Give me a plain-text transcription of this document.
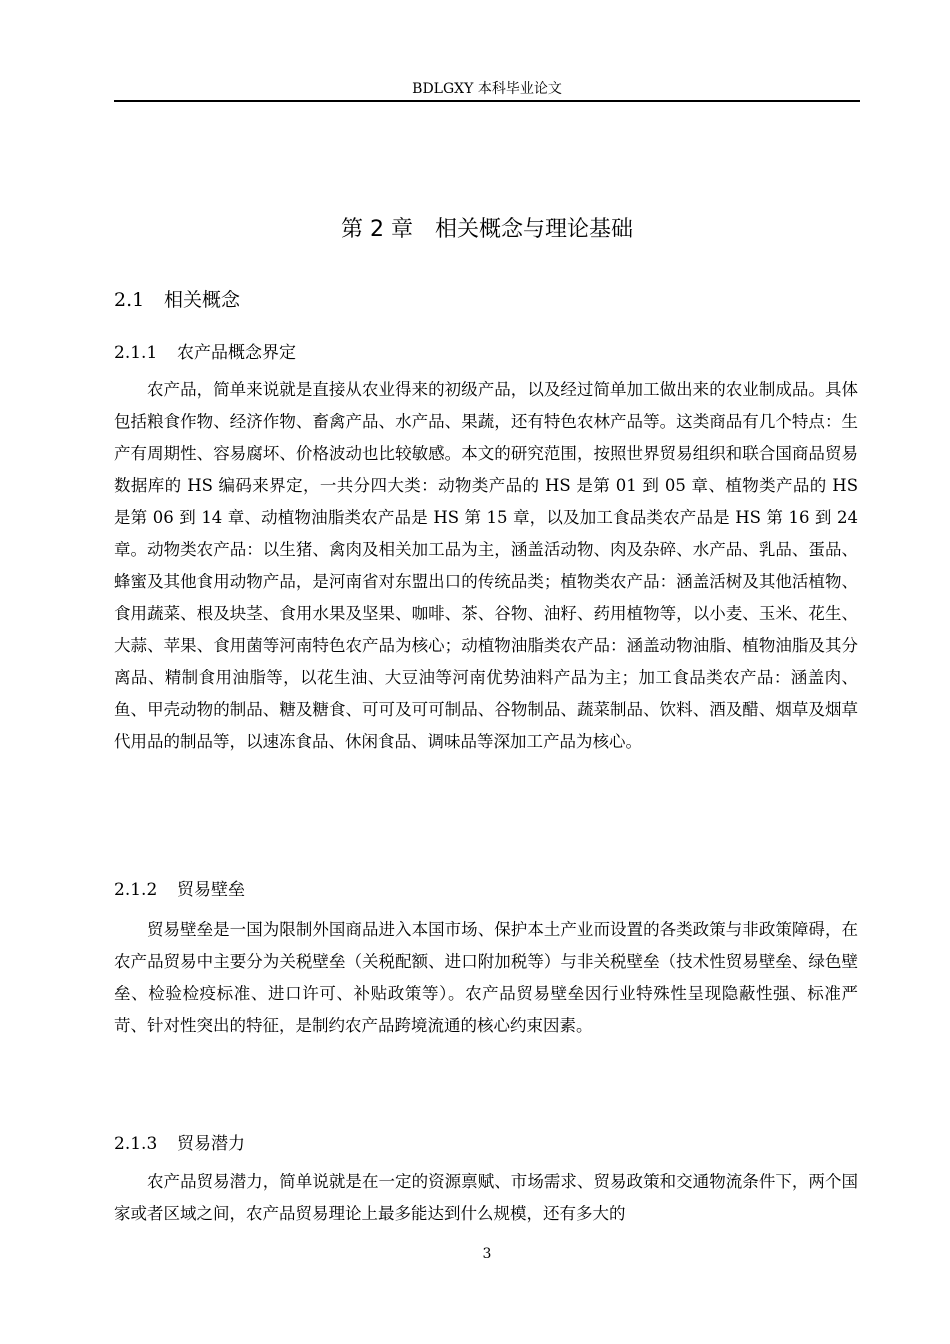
BDLGXY 本科毕业论文
第 2 章　相关概念与理论基础
2.1 相关概念
2.1.1 农产品概念界定

农产品，简单来说就是直接从农业得来的初级产品，以及经过简单加工做出来的农业制成品。具体包括粮食作物、经济作物、畜禽产品、水产品、果蔬，还有特色农林产品等。这类商品有几个特点：生产有周期性、容易腐坏、价格波动也比较敏感。本文的研究范围，按照世界贸易组织和联合国商品贸易数据库的 HS 编码来界定，一共分四大类：动物类产品的 HS 是第 01 到 05 章、植物类产品的 HS 是第 06 到 14 章、动植物油脂类农产品是 HS 第 15 章，以及加工食品类农产品是 HS 第 16 到 24 章。动物类农产品：以生猪、禽肉及相关加工品为主，涵盖活动物、肉及杂碎、水产品、乳品、蛋品、蜂蜜及其他食用动物产品，是河南省对东盟出口的传统品类；植物类农产品：涵盖活树及其他活植物、食用蔬菜、根及块茎、食用水果及坚果、咖啡、茶、谷物、油籽、药用植物等，以小麦、玉米、花生、大蒜、苹果、食用菌等河南特色农产品为核心；动植物油脂类农产品：涵盖动物油脂、植物油脂及其分离品、精制食用油脂等，以花生油、大豆油等河南优势油料产品为主；加工食品类农产品：涵盖肉、鱼、甲壳动物的制品、糖及糖食、可可及可可制品、谷物制品、蔬菜制品、饮料、酒及醋、烟草及烟草代用品的制品等，以速冻食品、休闲食品、调味品等深加工产品为核心。

2.1.2 贸易壁垒

贸易壁垒是一国为限制外国商品进入本国市场、保护本土产业而设置的各类政策与非政策障碍，在农产品贸易中主要分为关税壁垒（关税配额、进口附加税等）与非关税壁垒（技术性贸易壁垒、绿色壁垒、检验检疫标准、进口许可、补贴政策等）。农产品贸易壁垒因行业特殊性呈现隐蔽性强、标准严苛、针对性突出的特征，是制约农产品跨境流通的核心约束因素。

2.1.3 贸易潜力

农产品贸易潜力，简单说就是在一定的资源禀赋、市场需求、贸易政策和交通物流条件下，两个国家或者区域之间，农产品贸易理论上最多能达到什么规模，还有多大的

3
